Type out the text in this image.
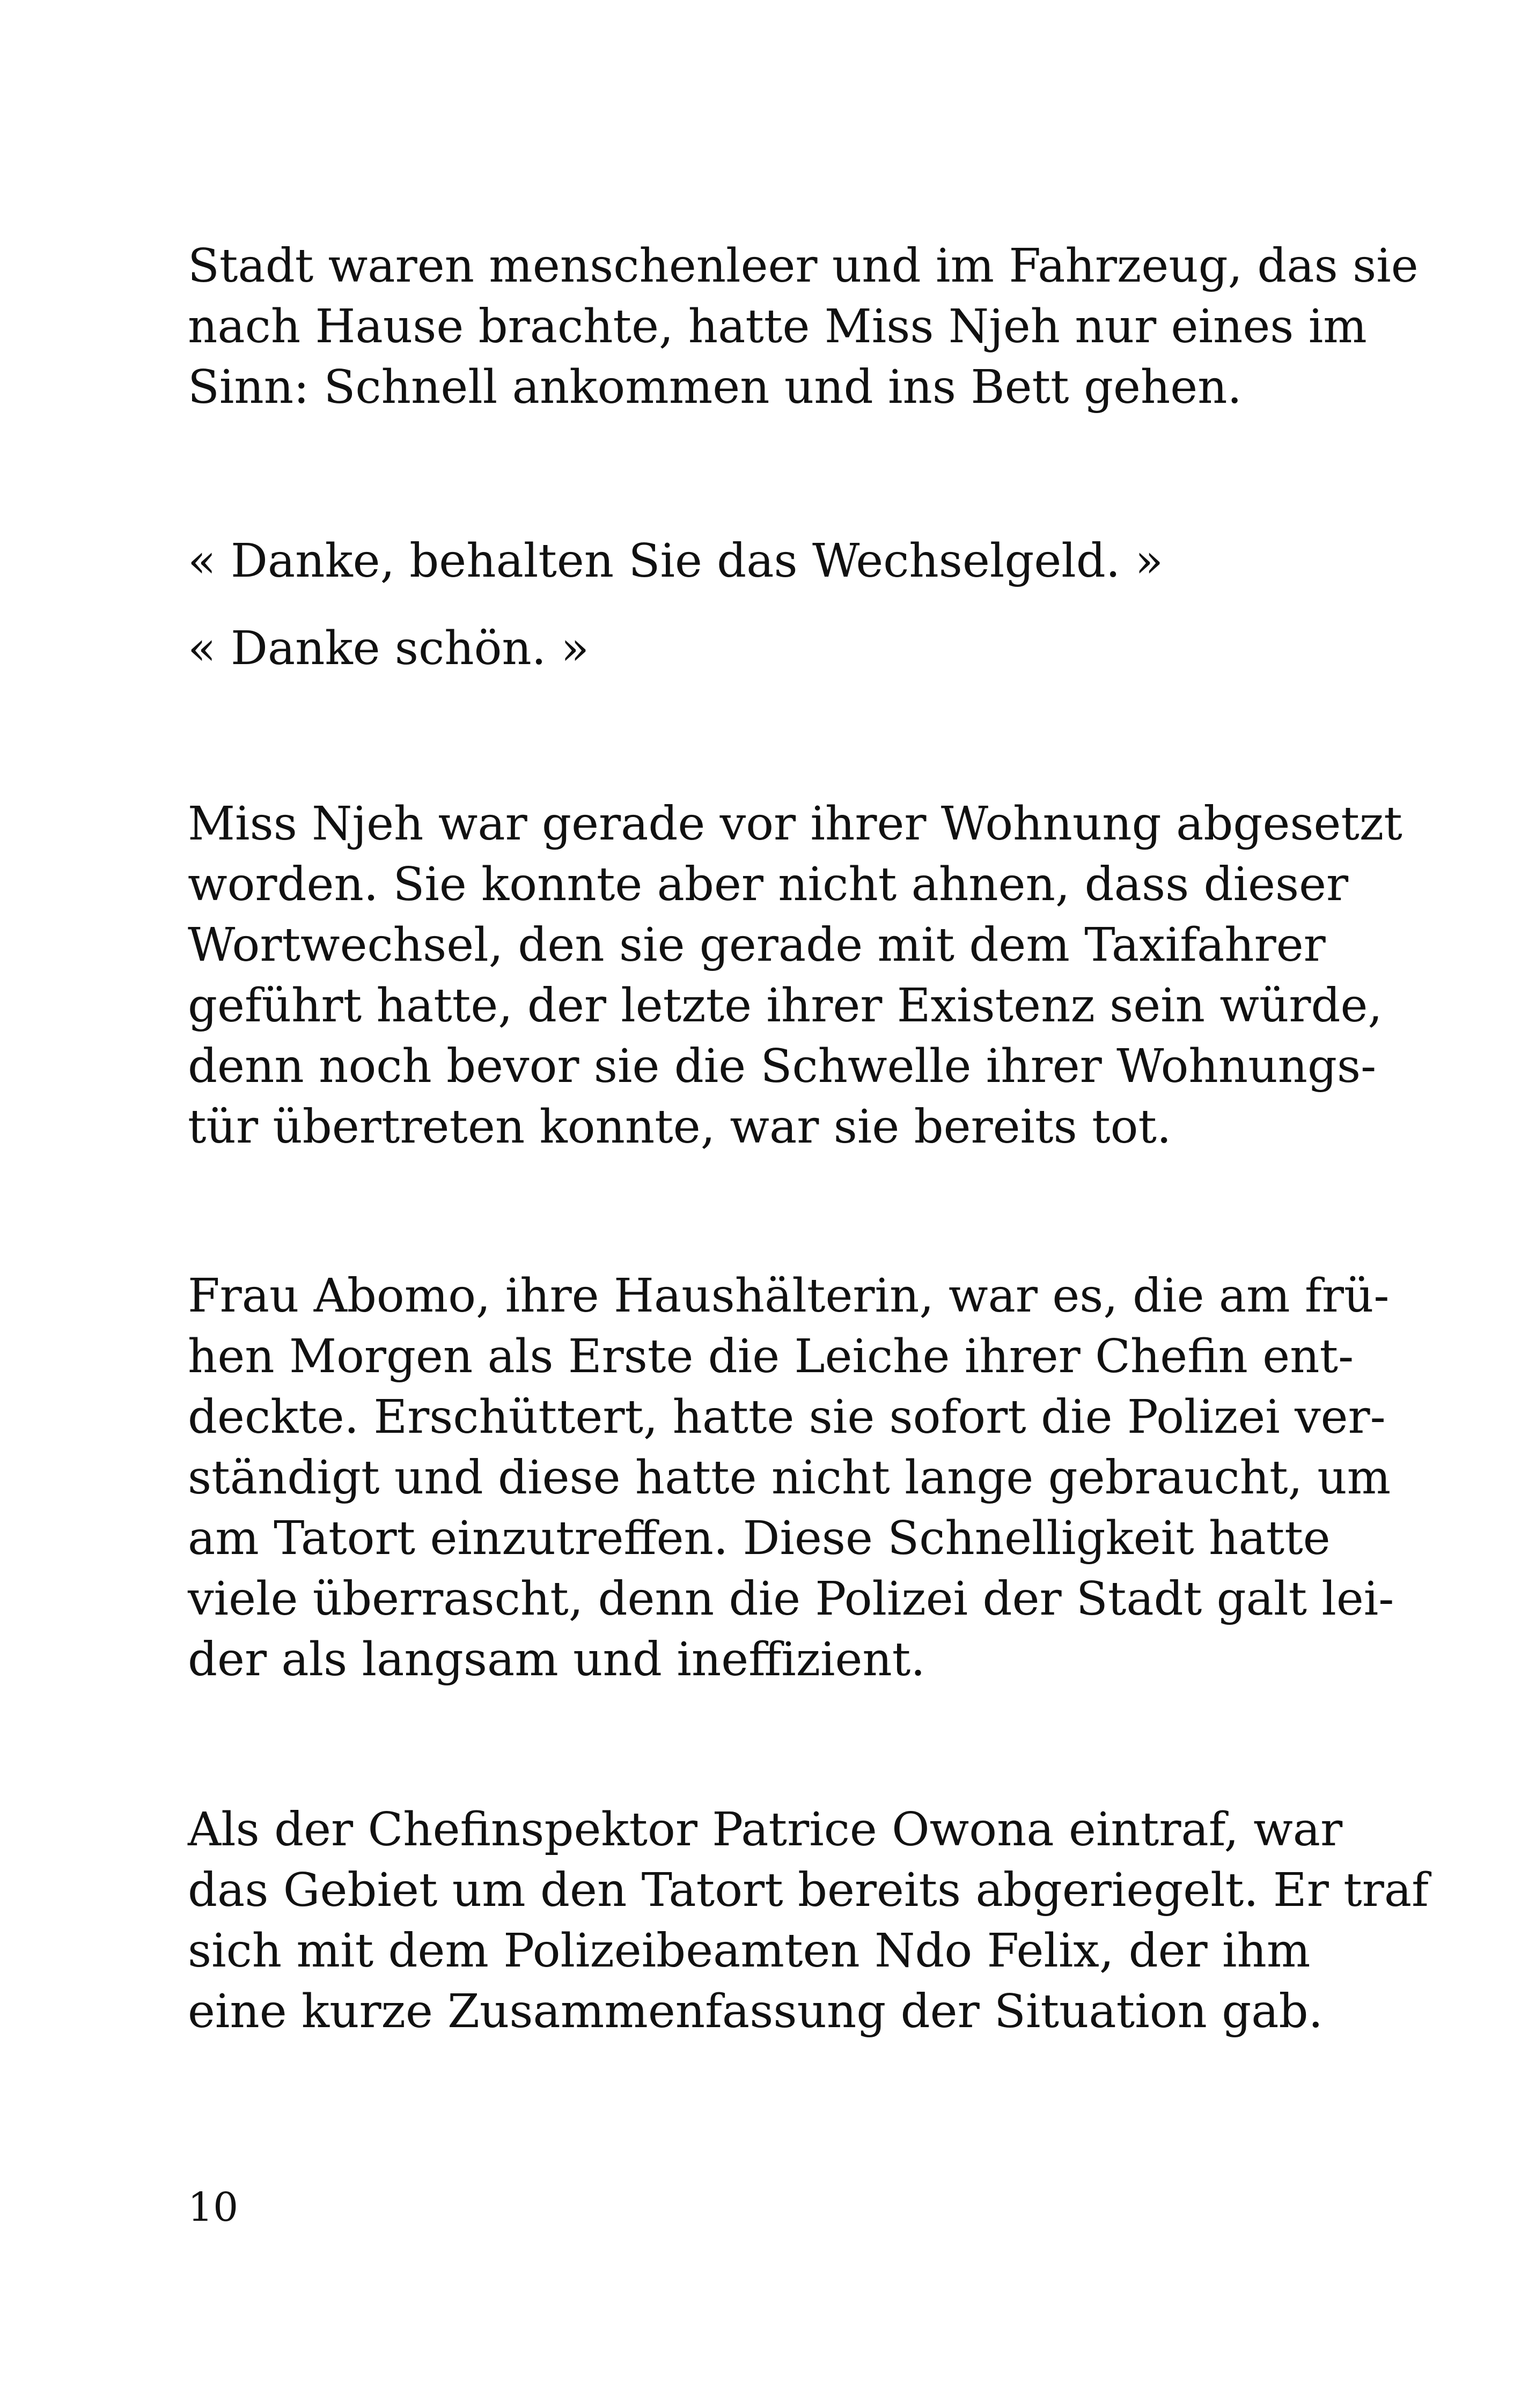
Stadt waren menschenleer und im Fahrzeug, das sie
nach Hause brachte, hatte Miss Njeh nur eines im
Sinn: Schnell ankommen und ins Bett gehen.
« Danke, behalten Sie das Wechselgeld. »
« Danke schön. »
Miss Njeh war gerade vor ihrer Wohnung abgesetzt
worden. Sie konnte aber nicht ahnen, dass dieser
Wortwechsel, den sie gerade mit dem Taxifahrer
geführt hatte, der letzte ihrer Existenz sein würde,
denn noch bevor sie die Schwelle ihrer Wohnungs-
tür übertreten konnte, war sie bereits tot.
Frau Abomo, ihre Haushälterin, war es, die am frü-
hen Morgen als Erste die Leiche ihrer Chefin ent-
deckte. Erschüttert, hatte sie sofort die Polizei ver-
ständigt und diese hatte nicht lange gebraucht, um
am Tatort einzutreffen. Diese Schnelligkeit hatte
viele überrascht, denn die Polizei der Stadt galt lei-
der als langsam und ineffizient.
Als der Chefinspektor Patrice Owona eintraf, war
das Gebiet um den Tatort bereits abgeriegelt. Er traf
sich mit dem Polizeibeamten Ndo Felix, der ihm
eine kurze Zusammenfassung der Situation gab.
10
